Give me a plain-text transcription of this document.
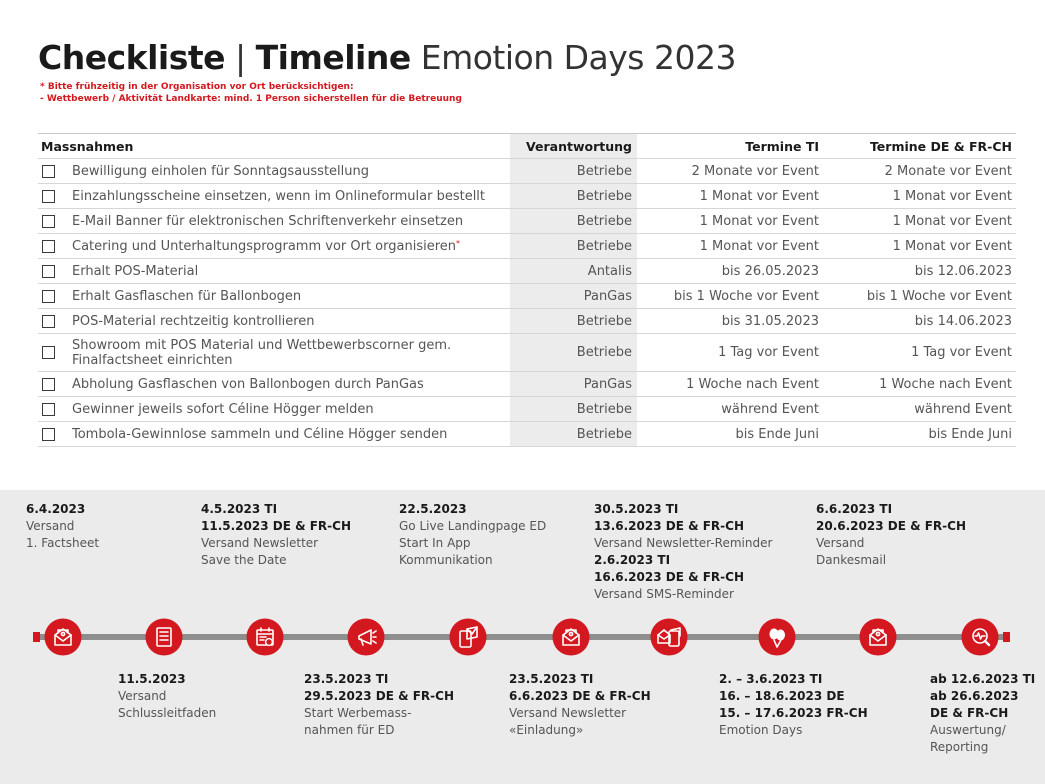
Checkliste | Timeline Emotion Days 2023
* Bitte frühzeitig in der Organisation vor Ort berücksichtigen:
- Wettbewerb / Aktivität Landkarte: mind. 1 Person sicherstellen für die Betreuung
Massnahmen	Verantwortung	Termine TI	Termine DE & FR-CH

Bewilligung einholen für Sonntagsausstellung	Betriebe	2 Monate vor Event	2 Monate vor Event

Einzahlungsscheine einsetzen, wenn im Onlineformular bestellt	Betriebe	1 Monat vor Event	1 Monat vor Event

E-Mail Banner für elektronischen Schriftenverkehr einsetzen	Betriebe	1 Monat vor Event	1 Monat vor Event

Catering und Unterhaltungsprogramm vor Ort organisieren*	Betriebe	1 Monat vor Event	1 Monat vor Event

Erhalt POS-Material	Antalis	bis 26.05.2023	bis 12.06.2023

Erhalt Gasflaschen für Ballonbogen	PanGas	bis 1 Woche vor Event	bis 1 Woche vor Event

POS-Material rechtzeitig kontrollieren	Betriebe	bis 31.05.2023	bis 14.06.2023

Showroom mit POS Material und Wettbewerbscorner gem. Finalfactsheet einrichten	Betriebe	1 Tag vor Event	1 Tag vor Event

Abholung Gasflaschen von Ballonbogen durch PanGas	PanGas	1 Woche nach Event	1 Woche nach Event

Gewinner jeweils sofort Céline Högger melden	Betriebe	während Event	während Event

Tombola-Gewinnlose sammeln und Céline Högger senden	Betriebe	bis Ende Juni	bis Ende Juni
6.4.2023
Versand
1. Factsheet
4.5.2023 TI
11.5.2023 DE & FR-CH
Versand Newsletter
Save the Date
22.5.2023
Go Live Landingpage ED
Start In App
Kommunikation
30.5.2023 TI
13.6.2023 DE & FR-CH
Versand Newsletter-Reminder
2.6.2023 TI
16.6.2023 DE & FR-CH
Versand SMS-Reminder
6.6.2023 TI
20.6.2023 DE & FR-CH
Versand
Dankesmail
11.5.2023
Versand
Schlussleitfaden
23.5.2023 TI
29.5.2023 DE & FR-CH
Start Werbemass-
nahmen für ED
23.5.2023 TI
6.6.2023 DE & FR-CH
Versand Newsletter
«Einladung»
2. – 3.6.2023 TI
16. – 18.6.2023 DE
15. – 17.6.2023 FR-CH
Emotion Days
ab 12.6.2023 TI
ab 26.6.2023
DE & FR-CH
Auswertung/
Reporting
